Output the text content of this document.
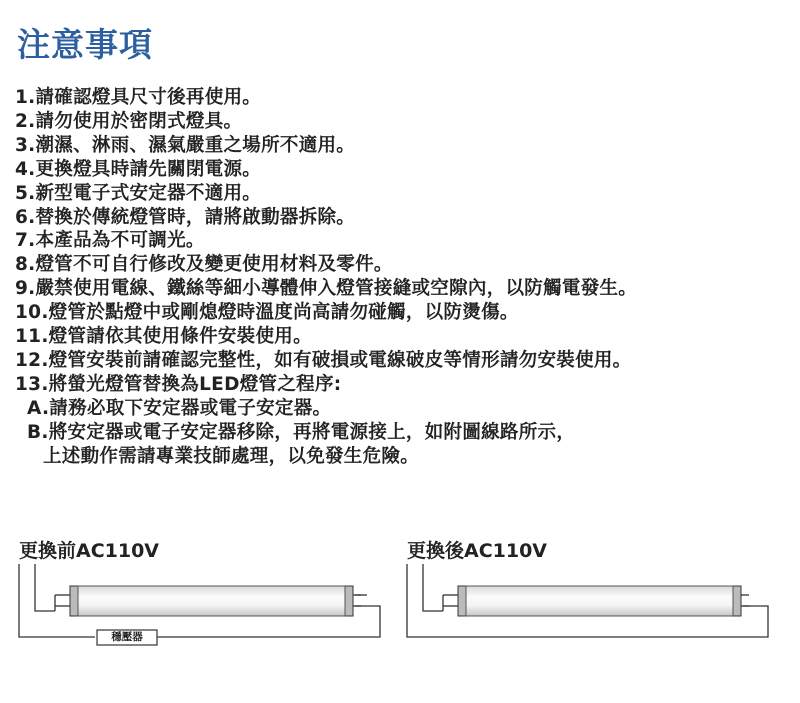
注意事項
1.請確認燈具尺寸後再使用。
2.請勿使用於密閉式燈具。
3.潮濕、淋雨、濕氣嚴重之場所不適用。
4.更換燈具時請先關閉電源。
5.新型電子式安定器不適用。
6.替換於傳統燈管時，請將啟動器拆除。
7.本產品為不可調光。
8.燈管不可自行修改及變更使用材料及零件。
9.嚴禁使用電線、鐵絲等細小導體伸入燈管接縫或空隙內，以防觸電發生。
10.燈管於點燈中或剛熄燈時溫度尚高請勿碰觸，以防燙傷。
11.燈管請依其使用條件安裝使用。
12.燈管安裝前請確認完整性，如有破損或電線破皮等情形請勿安裝使用。
13.將螢光燈管替換為LED燈管之程序:
A.請務必取下安定器或電子安定器。
B.將安定器或電子安定器移除，再將電源接上，如附圖線路所示，
上述動作需請專業技師處理，以免發生危險。
更換前AC110V
穩壓器
更換後AC110V
